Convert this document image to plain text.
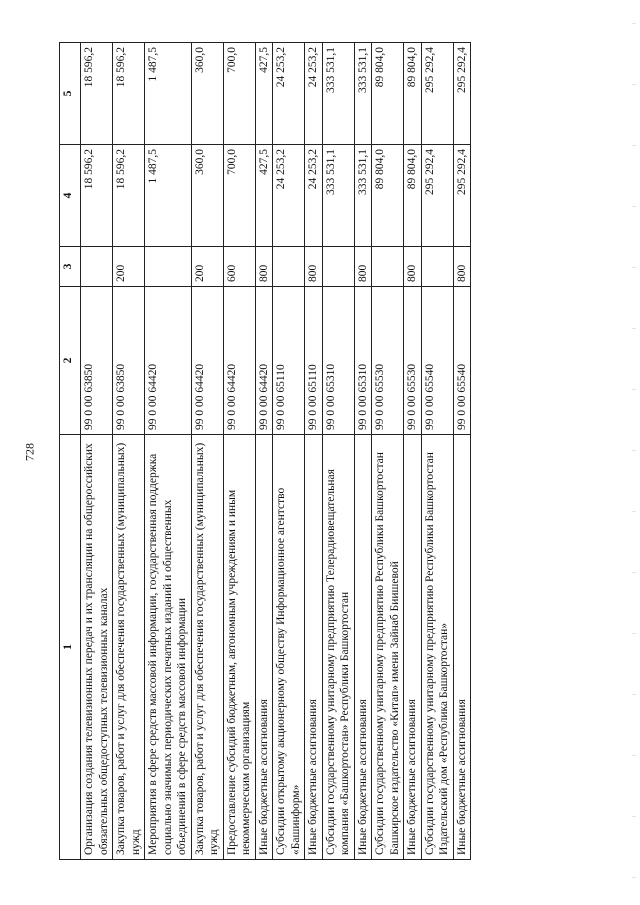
728
1	2	3	4	5
Организация создания телевизионных передач и их трансляции на общероссийских обязательных общедоступных телевизионных каналах	99 0 00 63850		18 596,2	18 596,2
Закупка товаров, работ и услуг для обеспечения государственных (муниципальных) нужд	99 0 00 63850	200	18 596,2	18 596,2
Мероприятия в сфере средств массовой информации, государственная поддержка социально значимых периодических печатных изданий и общественных объединений в сфере средств массовой информации	99 0 00 64420		1 487,5	1 487,5
Закупка товаров, работ и услуг для обеспечения государственных (муниципальных) нужд	99 0 00 64420	200	360,0	360,0
Предоставление субсидий бюджетным, автономным учреждениям и иным некоммерческим организациям	99 0 00 64420	600	700,0	700,0
Иные бюджетные ассигнования	99 0 00 64420	800	427,5	427,5
Субсидии открытому акционерному обществу Информационное агентство «Башинформ»	99 0 00 65110		24 253,2	24 253,2
Иные бюджетные ассигнования	99 0 00 65110	800	24 253,2	24 253,2
Субсидии государственному унитарному предприятию Телерадиовещательная компания «Башкортостан» Республики Башкортостан	99 0 00 65310		333 531,1	333 531,1
Иные бюджетные ассигнования	99 0 00 65310	800	333 531,1	333 531,1
Субсидии государственному унитарному предприятию Республики Башкортостан Башкирское издательство «Китап» имени Зайнаб Биишевой	99 0 00 65530		89 804,0	89 804,0
Иные бюджетные ассигнования	99 0 00 65530	800	89 804,0	89 804,0
Субсидии государственному унитарному предприятию Республики Башкортостан Издательский дом «Республика Башкортостан»	99 0 00 65540		295 292,4	295 292,4
Иные бюджетные ассигнования	99 0 00 65540	800	295 292,4	295 292,4
